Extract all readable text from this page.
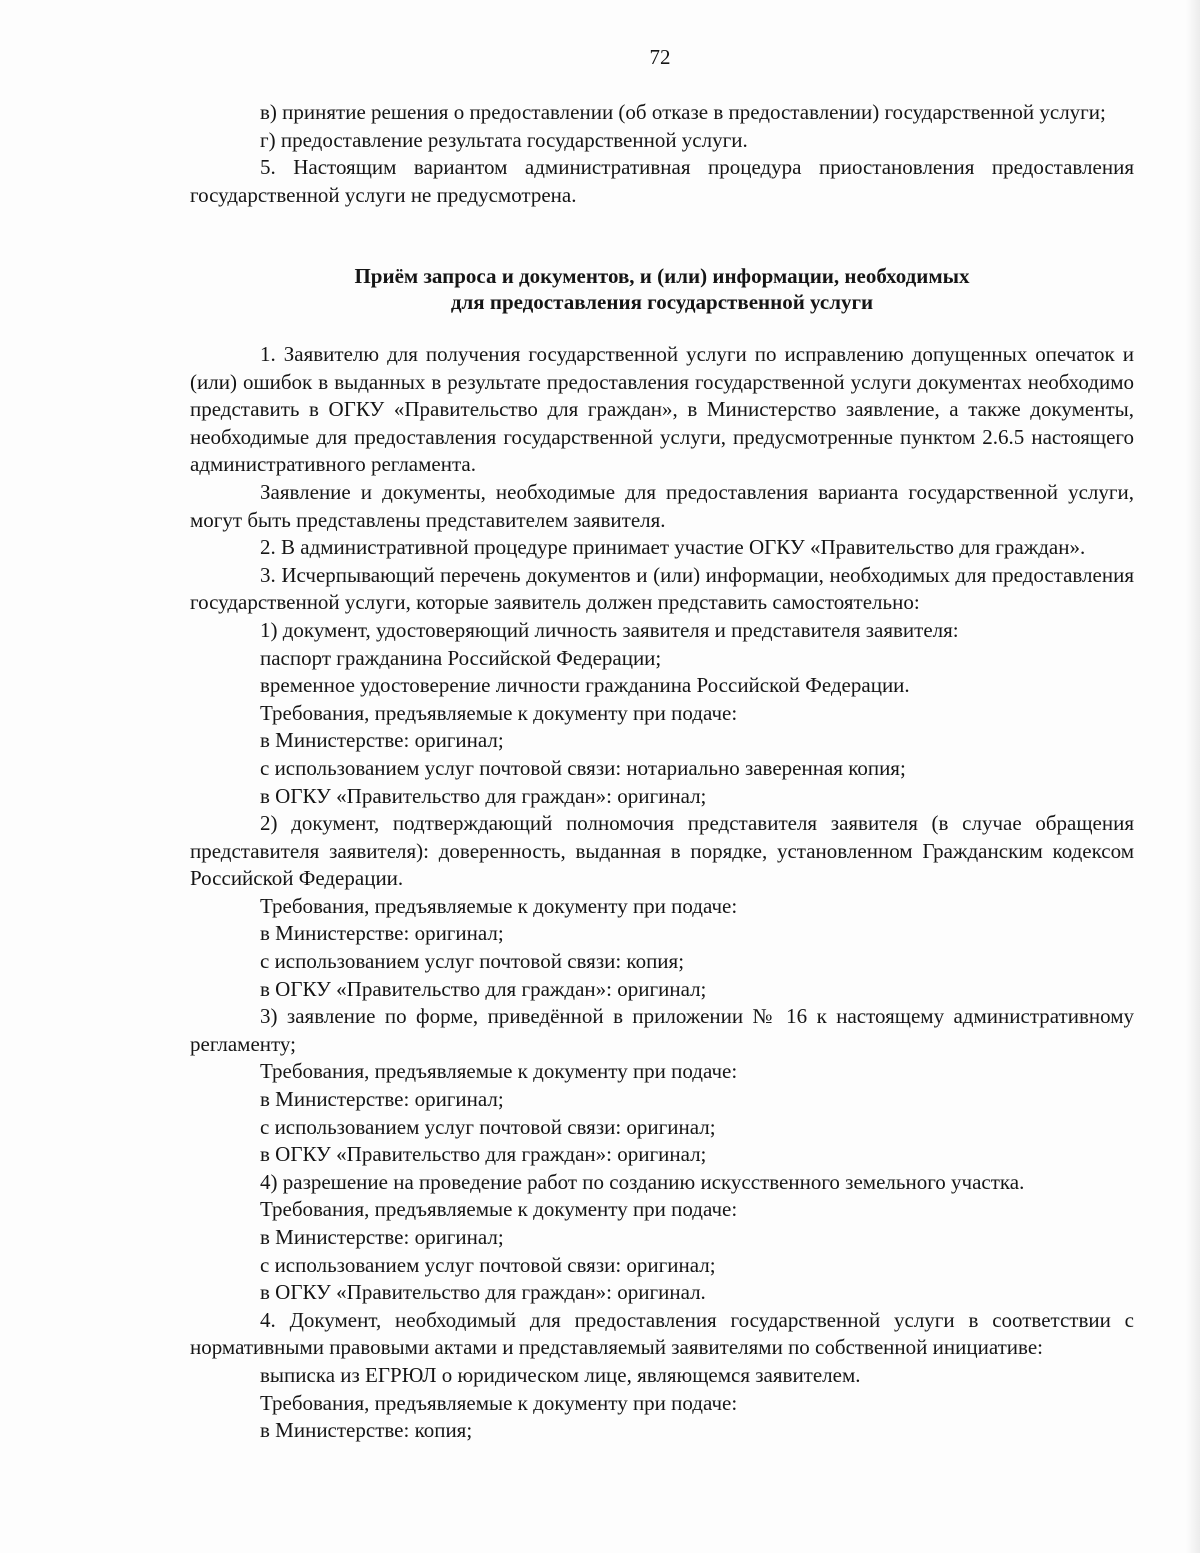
72

в) принятие решения о предоставлении (об отказе в предоставлении) государственной услуги;

г) предоставление результата государственной услуги.

5. Настоящим вариантом административная процедура приостановления предоставления государственной услуги не предусмотрена.

Приём запроса и документов, и (или) информации, необходимых
для предоставления государственной услуги

1. Заявителю для получения государственной услуги по исправлению допущенных опечаток и (или) ошибок в выданных в результате предоставления государственной услуги документах необходимо представить в ОГКУ «Правительство для граждан», в Министерство заявление, а также документы, необходимые для предоставления государственной услуги, предусмотренные пунктом 2.6.5 настоящего административного регламента.

Заявление и документы, необходимые для предоставления варианта государственной услуги, могут быть представлены представителем заявителя.

2. В административной процедуре принимает участие ОГКУ «Правительство для граждан».

3. Исчерпывающий перечень документов и (или) информации, необходимых для предоставления государственной услуги, которые заявитель должен представить самостоятельно:

1) документ, удостоверяющий личность заявителя и представителя заявителя:

паспорт гражданина Российской Федерации;

временное удостоверение личности гражданина Российской Федерации.

Требования, предъявляемые к документу при подаче:

в Министерстве: оригинал;

с использованием услуг почтовой связи: нотариально заверенная копия;

в ОГКУ «Правительство для граждан»: оригинал;

2) документ, подтверждающий полномочия представителя заявителя (в случае обращения представителя заявителя): доверенность, выданная в порядке, установленном Гражданским кодексом Российской Федерации.

Требования, предъявляемые к документу при подаче:

в Министерстве: оригинал;

с использованием услуг почтовой связи: копия;

в ОГКУ «Правительство для граждан»: оригинал;

3) заявление по форме, приведённой в приложении № 16 к настоящему административному регламенту;

Требования, предъявляемые к документу при подаче:

в Министерстве: оригинал;

с использованием услуг почтовой связи: оригинал;

в ОГКУ «Правительство для граждан»: оригинал;

4) разрешение на проведение работ по созданию искусственного земельного участка.

Требования, предъявляемые к документу при подаче:

в Министерстве: оригинал;

с использованием услуг почтовой связи: оригинал;

в ОГКУ «Правительство для граждан»: оригинал.

4. Документ, необходимый для предоставления государственной услуги в соответствии с нормативными правовыми актами и представляемый заявителями по собственной инициативе:

выписка из ЕГРЮЛ о юридическом лице, являющемся заявителем.

Требования, предъявляемые к документу при подаче:

в Министерстве: копия;
